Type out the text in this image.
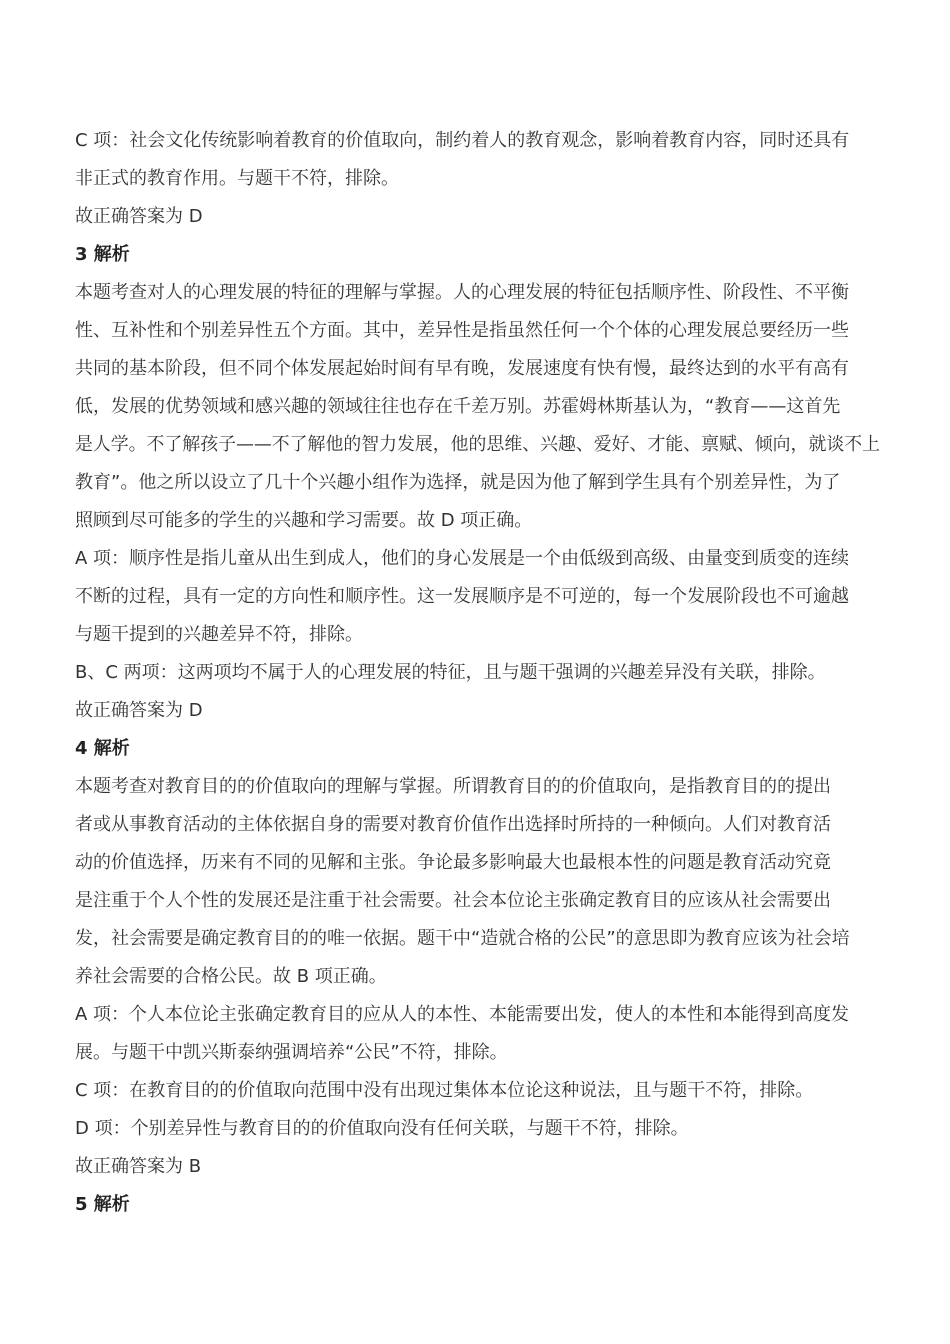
C 项：社会文化传统影响着教育的价值取向，制约着人的教育观念，影响着教育内容，同时还具有
非正式的教育作用。与题干不符，排除。
故正确答案为 D
3 解析
本题考查对人的心理发展的特征的理解与掌握。人的心理发展的特征包括顺序性、阶段性、不平衡
性、互补性和个别差异性五个方面。其中，差异性是指虽然任何一个个体的心理发展总要经历一些
共同的基本阶段，但不同个体发展起始时间有早有晚，发展速度有快有慢，最终达到的水平有高有
低，发展的优势领域和感兴趣的领域往往也存在千差万别。苏霍姆林斯基认为，“教育——这首先
是人学。不了解孩子——不了解他的智力发展，他的思维、兴趣、爱好、才能、禀赋、倾向，就谈不上
教育”。他之所以设立了几十个兴趣小组作为选择，就是因为他了解到学生具有个别差异性，为了
照顾到尽可能多的学生的兴趣和学习需要。故 D 项正确。
A 项：顺序性是指儿童从出生到成人，他们的身心发展是一个由低级到高级、由量变到质变的连续
不断的过程，具有一定的方向性和顺序性。这一发展顺序是不可逆的，每一个发展阶段也不可逾越
与题干提到的兴趣差异不符，排除。
B、C 两项：这两项均不属于人的心理发展的特征，且与题干强调的兴趣差异没有关联，排除。
故正确答案为 D
4 解析
本题考查对教育目的的价值取向的理解与掌握。所谓教育目的的价值取向，是指教育目的的提出
者或从事教育活动的主体依据自身的需要对教育价值作出选择时所持的一种倾向。人们对教育活
动的价值选择，历来有不同的见解和主张。争论最多影响最大也最根本性的问题是教育活动究竟
是注重于个人个性的发展还是注重于社会需要。社会本位论主张确定教育目的应该从社会需要出
发，社会需要是确定教育目的的唯一依据。题干中“造就合格的公民”的意思即为教育应该为社会培
养社会需要的合格公民。故 B 项正确。
A 项：个人本位论主张确定教育目的应从人的本性、本能需要出发，使人的本性和本能得到高度发
展。与题干中凯兴斯泰纳强调培养“公民”不符，排除。
C 项：在教育目的的价值取向范围中没有出现过集体本位论这种说法，且与题干不符，排除。
D 项：个别差异性与教育目的的价值取向没有任何关联，与题干不符，排除。
故正确答案为 B
5 解析
